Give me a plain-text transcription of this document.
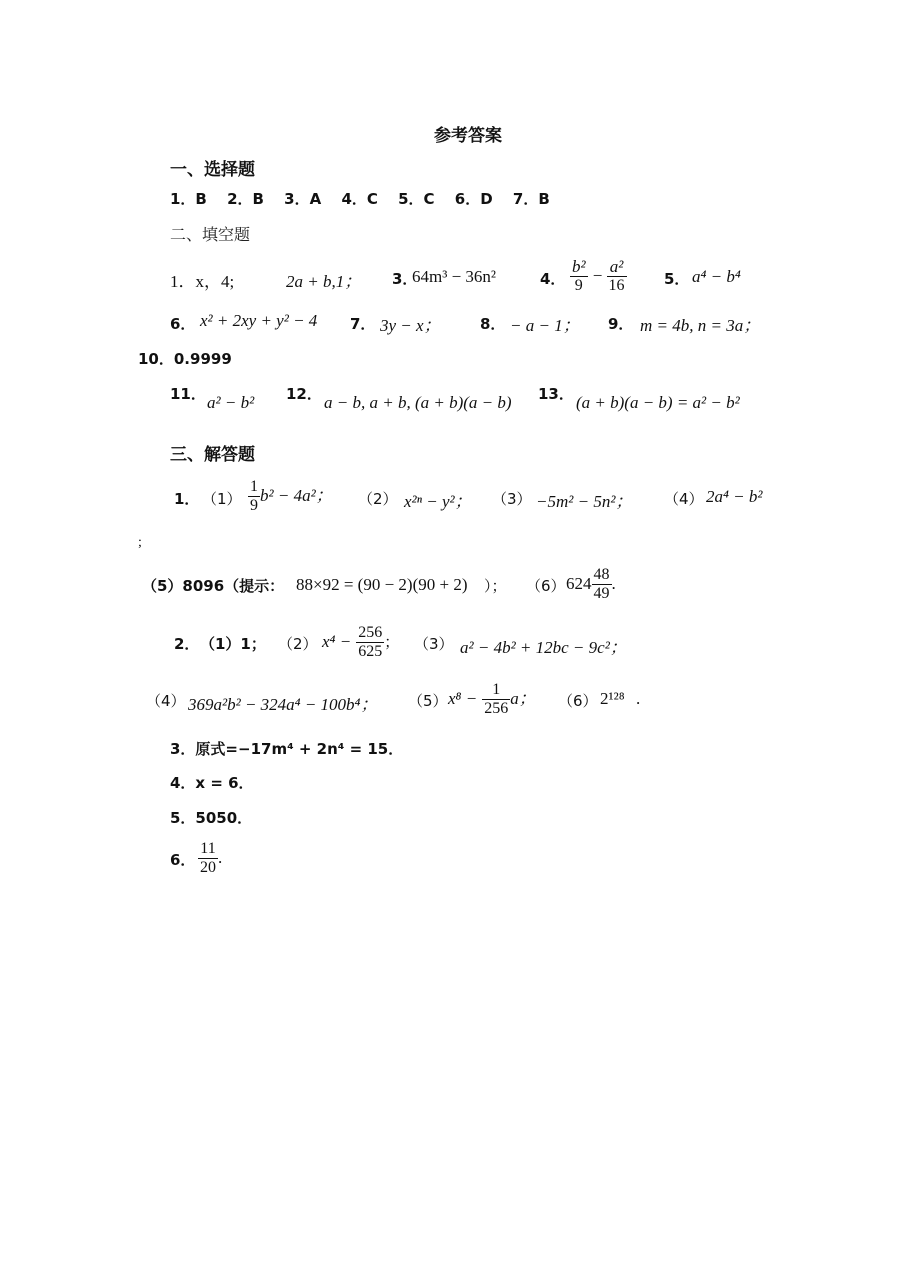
参考答案
一、选择题
1．B　 2．B　 3．A　 4．C　 5．C　 6．D　 7．B
二、填空题
1．x，4;	2a + b,1； 3．
64m³ − 36n²	4． $\frac{\text{b²}}{9} - \frac{\text{a²}}{16} 5$． a⁴ − b⁴
6． x² + 2xy + y² − 4 7． 3y − x；	8． − a − 1； 9． m = 4b, n = 3a；
10．0.9999
11． a² − b² 12． a − b, a + b, (a + b)(a − b) 13． (a + b)(a − b) = a² − b²
三、解答题
1． $(1) \frac{1}{9} b^2 - 4a^2$； （2） x²ⁿ − y²； （3） −5m² − 5n²； （4） 2a⁴ − b²
;
（5）8096（提示： 88×92 = (90 − 2)(90 + 2) ）； （6） $624 \frac{48}{49}$ .
2． （1）1； （2） $x^4 - \frac{256}{625}$ ； （3） a² − 4b² + 12bc − 9c²；
（4） 369a²b² − 324a⁴ − 100b⁴； （5） $x^8 - \frac{1}{256}$ a； （6） 2¹²⁸ .
3．原式=−17m⁴ + 2n⁴ = 15．
4．x = 6．
5．5050．
6． $\frac{11}{20}$ .
